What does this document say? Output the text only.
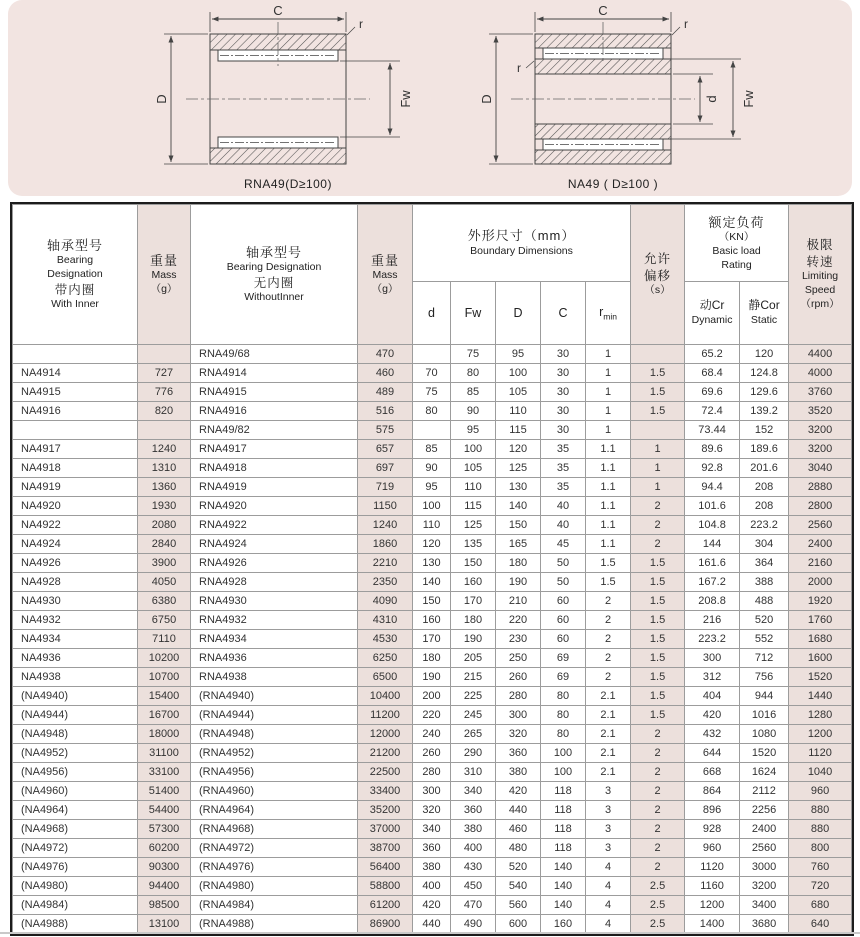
C
r
D	Fw
RNA49(D≥100)
C
r
r
D	d Fw
NA49 ( D≥100 )
轴承型号
Bearing
Designation
带内圈
With Inner

重量
Mass
（g）

轴承型号
Bearing Designation
无内圈
WithoutInner

重量
Mass
（g）

外形尺寸（mm）
Boundary Dimensions

允许
偏移
（s）

额定负荷
（KN）
Basic load
Rating

极限
转速
Limiting
Speed
（rpm）

d	Fw	D	C	$r_{min}$	
动Cr
Dynamic

静Cor
Static

		RNA49/68	470		75	95	30	1		65.2	120	4400
NA4914	727	RNA4914	460	70	80	100	30	1	1.5	68.4	124.8	4000
NA4915	776	RNA4915	489	75	85	105	30	1	1.5	69.6	129.6	3760
NA4916	820	RNA4916	516	80	90	110	30	1	1.5	72.4	139.2	3520
		RNA49/82	575		95	115	30	1		73.44	152	3200
NA4917	1240	RNA4917	657	85	100	120	35	1.1	1	89.6	189.6	3200
NA4918	1310	RNA4918	697	90	105	125	35	1.1	1	92.8	201.6	3040
NA4919	1360	RNA4919	719	95	110	130	35	1.1	1	94.4	208	2880
NA4920	1930	RNA4920	1150	100	115	140	40	1.1	2	101.6	208	2800
NA4922	2080	RNA4922	1240	110	125	150	40	1.1	2	104.8	223.2	2560
NA4924	2840	RNA4924	1860	120	135	165	45	1.1	2	144	304	2400
NA4926	3900	RNA4926	2210	130	150	180	50	1.5	1.5	161.6	364	2160
NA4928	4050	RNA4928	2350	140	160	190	50	1.5	1.5	167.2	388	2000
NA4930	6380	RNA4930	4090	150	170	210	60	2	1.5	208.8	488	1920
NA4932	6750	RNA4932	4310	160	180	220	60	2	1.5	216	520	1760
NA4934	7110	RNA4934	4530	170	190	230	60	2	1.5	223.2	552	1680
NA4936	10200	RNA4936	6250	180	205	250	69	2	1.5	300	712	1600
NA4938	10700	RNA4938	6500	190	215	260	69	2	1.5	312	756	1520
(NA4940)	15400	(RNA4940)	10400	200	225	280	80	2.1	1.5	404	944	1440
(NA4944)	16700	(RNA4944)	11200	220	245	300	80	2.1	1.5	420	1016	1280
(NA4948)	18000	(RNA4948)	12000	240	265	320	80	2.1	2	432	1080	1200
(NA4952)	31100	(RNA4952)	21200	260	290	360	100	2.1	2	644	1520	1120
(NA4956)	33100	(RNA4956)	22500	280	310	380	100	2.1	2	668	1624	1040
(NA4960)	51400	(RNA4960)	33400	300	340	420	118	3	2	864	2112	960
(NA4964)	54400	(RNA4964)	35200	320	360	440	118	3	2	896	2256	880
(NA4968)	57300	(RNA4968)	37000	340	380	460	118	3	2	928	2400	880
(NA4972)	60200	(RNA4972)	38700	360	400	480	118	3	2	960	2560	800
(NA4976)	90300	(RNA4976)	56400	380	430	520	140	4	2	1120	3000	760
(NA4980)	94400	(RNA4980)	58800	400	450	540	140	4	2.5	1160	3200	720
(NA4984)	98500	(RNA4984)	61200	420	470	560	140	4	2.5	1200	3400	680
(NA4988)	13100	(RNA4988)	86900	440	490	600	160	4	2.5	1400	3680	640
